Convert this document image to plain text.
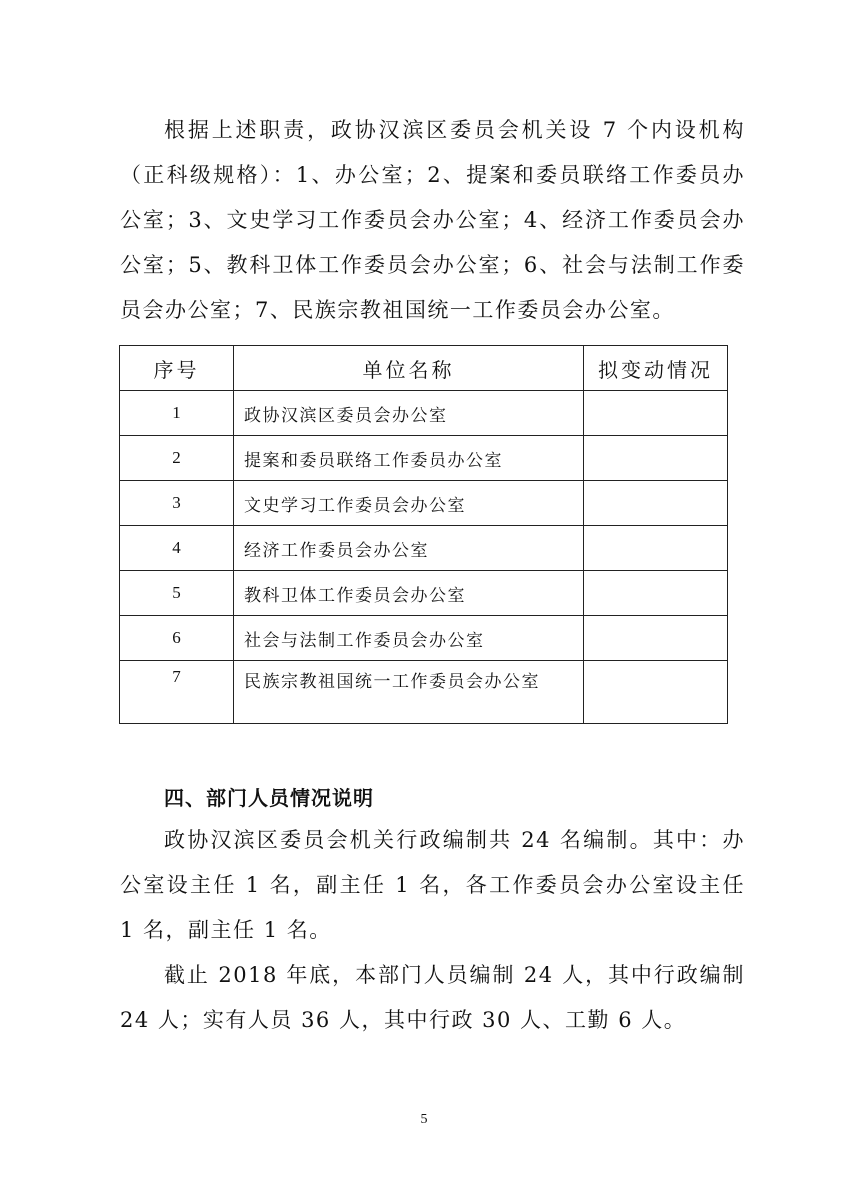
根据上述职责，政协汉滨区委员会机关设 7 个内设机构（正科级规格）：1、办公室；2、提案和委员联络工作委员办公室；3、文史学习工作委员会办公室；4、经济工作委员会办公室；5、教科卫体工作委员会办公室；6、社会与法制工作委员会办公室；7、民族宗教祖国统一工作委员会办公室。

序号	单位名称	拟变动情况
1	政协汉滨区委员会办公室	
2	提案和委员联络工作委员办公室	
3	文史学习工作委员会办公室	
4	经济工作委员会办公室	
5	教科卫体工作委员会办公室	
6	社会与法制工作委员会办公室	
7	民族宗教祖国统一工作委员会办公室	

四、部门人员情况说明

政协汉滨区委员会机关行政编制共 24 名编制。其中：办公室设主任 1 名，副主任 1 名，各工作委员会办公室设主任 1 名，副主任 1 名。

截止 2018 年底，本部门人员编制 24 人，其中行政编制 24 人；实有人员 36 人，其中行政 30 人、工勤 6 人。

5
